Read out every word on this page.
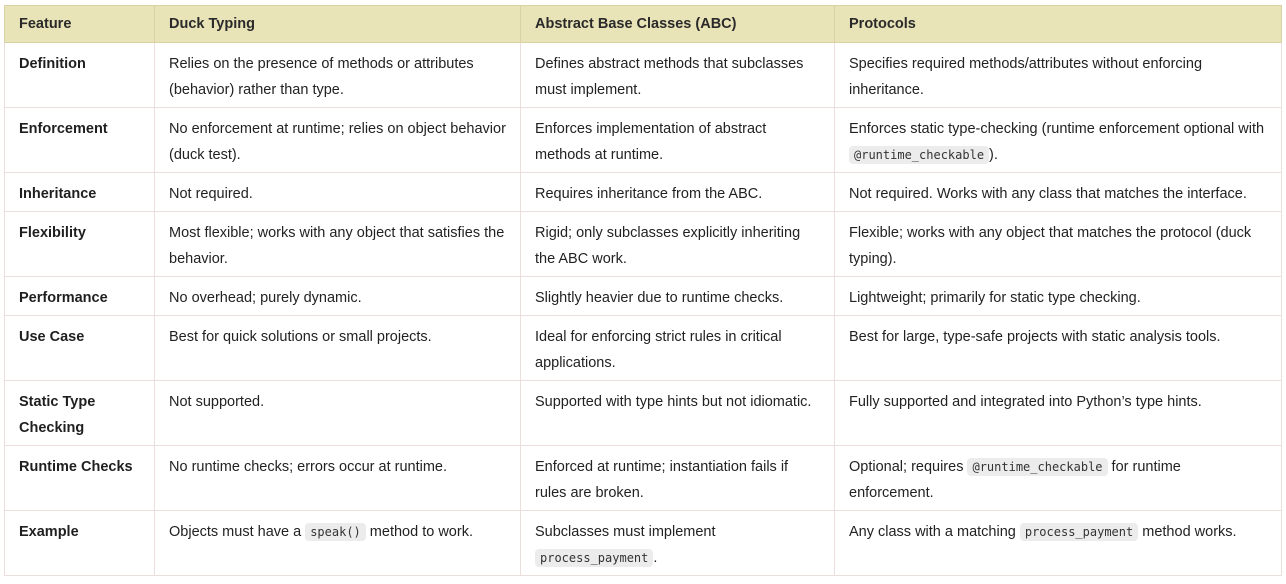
Feature	Duck Typing	Abstract Base Classes (ABC)	Protocols
Definition	Relies on the presence of methods or attributes (behavior) rather than type.	Defines abstract methods that subclasses must implement.	Specifies required methods/attributes without enforcing inheritance.
Enforcement	No enforcement at runtime; relies on object behavior (duck test).	Enforces implementation of abstract methods at runtime.	Enforces static type-checking (runtime enforcement optional with @runtime_checkable ).
Inheritance	Not required.	Requires inheritance from the ABC.	Not required. Works with any class that matches the interface.
Flexibility	Most flexible; works with any object that satisfies the behavior.	Rigid; only subclasses explicitly inheriting the ABC work.	Flexible; works with any object that matches the protocol (duck typing).
Performance	No overhead; purely dynamic.	Slightly heavier due to runtime checks.	Lightweight; primarily for static type checking.
Use Case	Best for quick solutions or small projects.	Ideal for enforcing strict rules in critical applications.	Best for large, type-safe projects with static analysis tools.
Static Type Checking	Not supported.	Supported with type hints but not idiomatic.	Fully supported and integrated into Python’s type hints.
Runtime Checks	No runtime checks; errors occur at runtime.	Enforced at runtime; instantiation fails if rules are broken.	Optional; requires @runtime_checkable for runtime enforcement.
Example	Objects must have a speak() method to work.	Subclasses must implement process_payment .	Any class with a matching process_payment method works.
